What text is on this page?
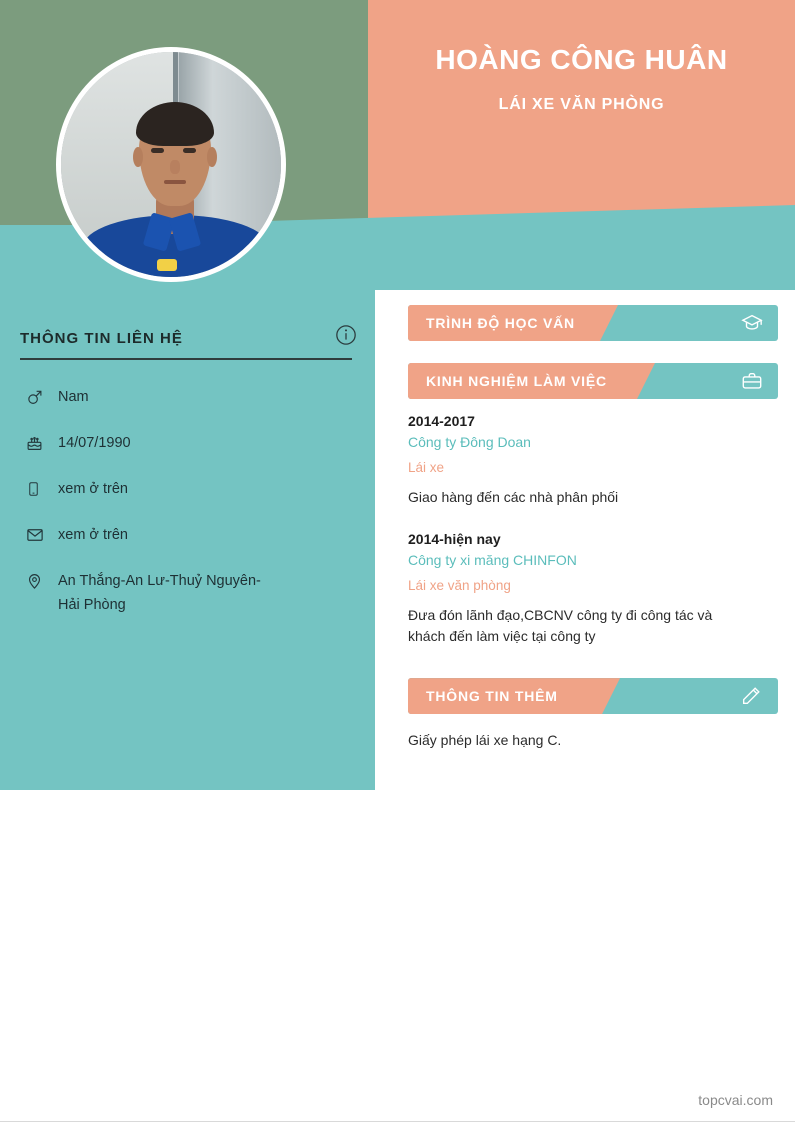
HOÀNG CÔNG HUÂN
LÁI XE VĂN PHÒNG
THÔNG TIN LIÊN HỆ
Nam
14/07/1990
xem ở trên
xem ở trên
An Thắng-An Lư-Thuỷ Nguyên-Hải Phòng
TRÌNH ĐỘ HỌC VẤN
KINH NGHIỆM LÀM VIỆC
2014-2017
Công ty Đông Doan
Lái xe
Giao hàng đến các nhà phân phối
2014-hiện nay
Công ty xi măng CHINFON
Lái xe văn phòng
Đưa đón lãnh đạo,CBCNV công ty đi công tác và khách đến làm việc tại công ty
THÔNG TIN THÊM
Giấy phép lái xe hạng C.
topcvai.com
